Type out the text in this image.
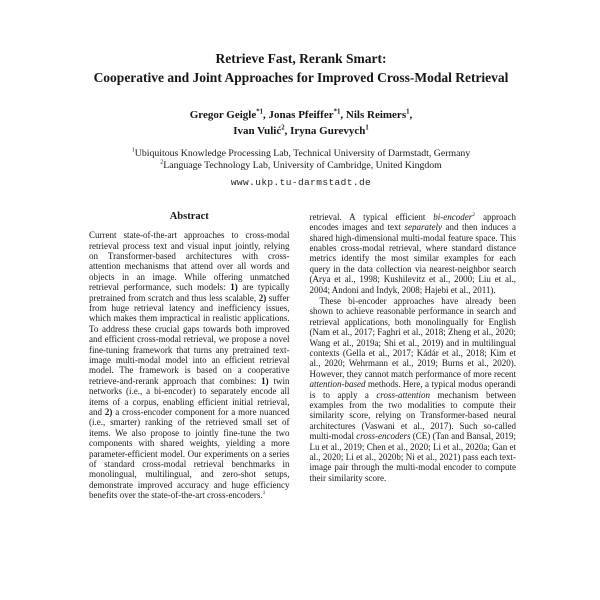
Retrieve Fast, Rerank Smart:
Cooperative and Joint Approaches for Improved Cross-Modal Retrieval
Gregor Geigle$^{*1}$, Jonas Pfeiffer$^{*1}$, Nils Reimers$^1$,
Ivan Vulić$^2$, Iryna Gurevych$^1$
$^1$Ubiquitous Knowledge Processing Lab, Technical University of Darmstadt, Germany
$^2$Language Technology Lab, University of Cambridge, United Kingdom
www.ukp.tu-darmstadt.de
Abstract

Current state-of-the-art approaches to cross-modal retrieval process text and visual input jointly, relying on Transformer-based architectures with cross-attention mechanisms that attend over all words and objects in an image. While offering unmatched retrieval performance, such models: 1) are typically pretrained from scratch and thus less scalable, 2) suffer from huge retrieval latency and inefficiency issues, which makes them impractical in realistic applications. To address these crucial gaps towards both improved and efficient cross-modal retrieval, we propose a novel fine-tuning framework that turns any pretrained text-image multi-modal model into an efficient retrieval model. The framework is based on a cooperative retrieve-and-rerank approach that combines: 1) twin networks (i.e., a bi-encoder) to separately encode all items of a corpus, enabling efficient initial retrieval, and 2) a cross-encoder component for a more nuanced (i.e., smarter) ranking of the retrieved small set of items. We also propose to jointly fine-tune the two components with shared weights, yielding a more parameter-efficient model. Our experiments on a series of standard cross-modal retrieval benchmarks in monolingual, multilingual, and zero-shot setups, demonstrate improved accuracy and huge efficiency benefits over the state-of-the-art cross-encoders.$^1$

retrieval. A typical efficient bi-encoder$^2$ approach encodes images and text separately and then induces a shared high-dimensional multi-modal feature space. This enables cross-modal retrieval, where standard distance metrics identify the most similar examples for each query in the data collection via nearest-neighbor search (Arya et al., 1998; Kushilevitz et al., 2000; Liu et al., 2004; Andoni and Indyk, 2008; Hajebi et al., 2011).

These bi-encoder approaches have already been shown to achieve reasonable performance in search and retrieval applications, both monolingually for English (Nam et al., 2017; Faghri et al., 2018; Zheng et al., 2020; Wang et al., 2019a; Shi et al., 2019) and in multilingual contexts (Gella et al., 2017; Kádár et al., 2018; Kim et al., 2020; Wehrmann et al., 2019; Burns et al., 2020). However, they cannot match performance of more recent attention-based methods. Here, a typical modus operandi is to apply a cross-attention mechanism between examples from the two modalities to compute their similarity score, relying on Transformer-based neural architectures (Vaswani et al., 2017). Such so-called multi-modal cross-encoders (CE) (Tan and Bansal, 2019; Lu et al., 2019; Chen et al., 2020; Li et al., 2020a; Gan et al., 2020; Li et al., 2020b; Ni et al., 2021) pass each text-image pair through the multi-modal encoder to compute their similarity score.
